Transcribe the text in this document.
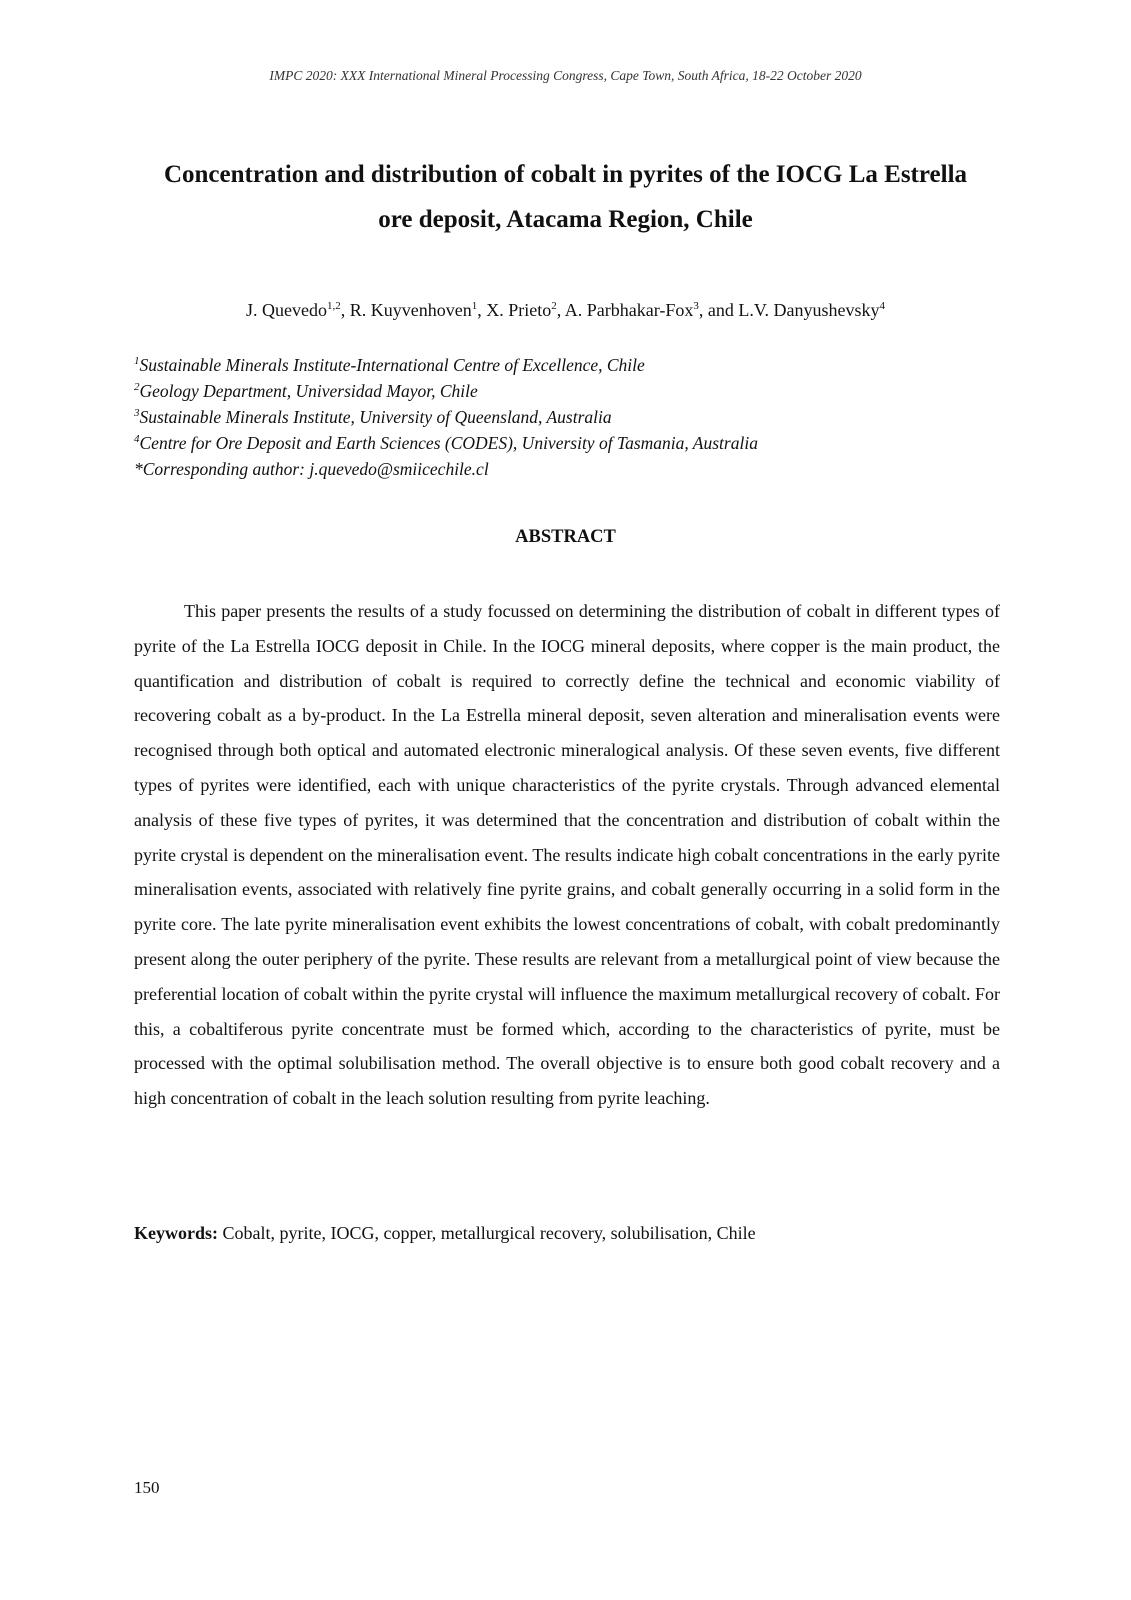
IMPC 2020: XXX International Mineral Processing Congress, Cape Town, South Africa, 18-22 October 2020
Concentration and distribution of cobalt in pyrites of the IOCG La Estrella
ore deposit, Atacama Region, Chile
J. Quevedo$^{1,2}$, R. Kuyvenhoven$^1$, X. Prieto$^2$, A. Parbhakar-Fox$^3$, and L.V. Danyushevsky$^4$
$^1$Sustainable Minerals Institute-International Centre of Excellence, Chile
$^2$Geology Department, Universidad Mayor, Chile
$^3$Sustainable Minerals Institute, University of Queensland, Australia
$^4$Centre for Ore Deposit and Earth Sciences (CODES), University of Tasmania, Australia
*Corresponding author: j.quevedo@smiicechile.cl
ABSTRACT

This paper presents the results of a study focussed on determining the distribution of cobalt in different types of pyrite of the La Estrella IOCG deposit in Chile. In the IOCG mineral deposits, where copper is the main product, the quantification and distribution of cobalt is required to correctly define the technical and economic viability of recovering cobalt as a by-product. In the La Estrella mineral deposit, seven alteration and mineralisation events were recognised through both optical and automated electronic mineralogical analysis. Of these seven events, five different types of pyrites were identified, each with unique characteristics of the pyrite crystals. Through advanced elemental analysis of these five types of pyrites, it was determined that the concentration and distribution of cobalt within the pyrite crystal is dependent on the mineralisation event. The results indicate high cobalt concentrations in the early pyrite mineralisation events, associated with relatively fine pyrite grains, and cobalt generally occurring in a solid form in the pyrite core. The late pyrite mineralisation event exhibits the lowest concentrations of cobalt, with cobalt predominantly present along the outer periphery of the pyrite. These results are relevant from a metallurgical point of view because the preferential location of cobalt within the pyrite crystal will influence the maximum metallurgical recovery of cobalt. For this, a cobaltiferous pyrite concentrate must be formed which, according to the characteristics of pyrite, must be processed with the optimal solubilisation method. The overall objective is to ensure both good cobalt recovery and a high concentration of cobalt in the leach solution resulting from pyrite leaching.

Keywords: Cobalt, pyrite, IOCG, copper, metallurgical recovery, solubilisation, Chile
150
